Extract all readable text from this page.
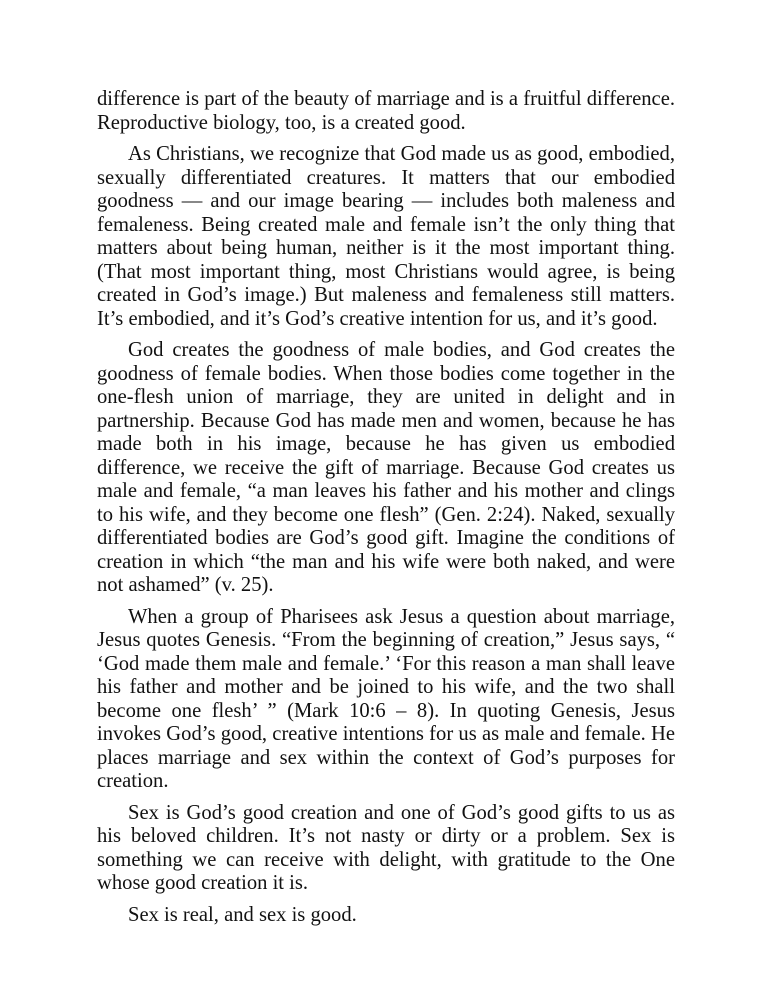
difference is part of the beauty of marriage and is a fruitful difference. Reproductive biology, too, is a created good.

As Christians, we recognize that God made us as good, embodied, sexually differentiated creatures. It matters that our embodied goodness — and our image bearing — includes both maleness and femaleness. Being created male and female isn’t the only thing that matters about being human, neither is it the most important thing. (That most important thing, most Christians would agree, is being created in God’s image.) But maleness and femaleness still matters. It’s embodied, and it’s God’s creative intention for us, and it’s good.

God creates the goodness of male bodies, and God creates the goodness of female bodies. When those bodies come together in the one-flesh union of marriage, they are united in delight and in partnership. Because God has made men and women, because he has made both in his image, because he has given us embodied difference, we receive the gift of marriage. Because God creates us male and female, “a man leaves his father and his mother and clings to his wife, and they become one flesh” (Gen. 2:24). Naked, sexually differentiated bodies are God’s good gift. Imagine the conditions of creation in which “the man and his wife were both naked, and were not ashamed” (v. 25).

When a group of Pharisees ask Jesus a question about marriage, Jesus quotes Genesis. “From the beginning of creation,” Jesus says, “ ‘God made them male and female.’ ‘For this reason a man shall leave his father and mother and be joined to his wife, and the two shall become one flesh’ ” (Mark 10:6 – 8). In quoting Genesis, Jesus invokes God’s good, creative intentions for us as male and female. He places marriage and sex within the context of God’s purposes for creation.

Sex is God’s good creation and one of God’s good gifts to us as his beloved children. It’s not nasty or dirty or a problem. Sex is something we can receive with delight, with gratitude to the One whose good creation it is.

Sex is real, and sex is good.
